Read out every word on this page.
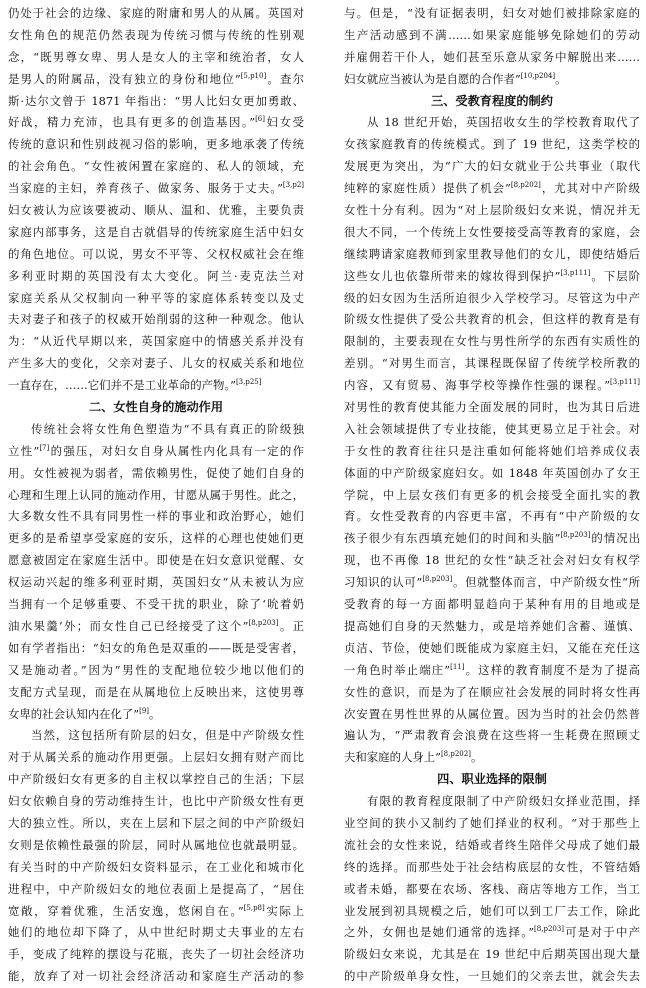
仍处于社会的边缘、家庭的附庸和男人的从属。英国对
女性角色的规范仍然表现为传统习惯与传统的性别观
念，“既男尊女卑、男人是女人的主宰和统治者，女人
是男人的附属品，没有独立的身份和地位”[5,p10]。查尔
斯·达尔文曾于 1871 年指出：“男人比妇女更加勇敢、
好战，精力充沛，也具有更多的创造基因。”[6]妇女受
传统的意识和性别歧视习俗的影响，更多地承袭了传统
的社会角色。“女性被闲置在家庭的、私人的领域，充
当家庭的主妇，养育孩子、做家务、服务于丈夫。”[3,p2]
妇女被认为应该要被动、顺从、温和、优雅，主要负责
家庭内部事务，这是自古就倡导的传统家庭生活中妇女
的角色地位。可以说，男女不平等、父权权威社会在维
多利亚时期的英国没有太大变化。阿兰·麦克法兰对
家庭关系从父权制向一种平等的家庭体系转变以及丈
夫对妻子和孩子的权威开始削弱的这种一种观念。他认
为：“从近代早期以来，英国家庭中的情感关系并没有
产生多大的变化，父亲对妻子、儿女的权威关系和地位
一直存在，……它们并不是工业革命的产物。”[3,p25]
二、女性自身的施动作用
传统社会将女性角色塑造为“不具有真正的阶级独
立性”[7]的强压，对妇女自身从属性内化具有一定的作
用。女性被视为弱者，需依赖男性，促使了她们自身的
心理和生理上认同的施动作用，甘愿从属于男性。此之，
大多数女性不具有同男性一样的事业和政治野心，她们
更多的是希望享受家庭的安乐，这样的心理也使她们更
愿意被固定在家庭生活中。即使是在妇女意识觉醒、女
权运动兴起的维多利亚时期，英国妇女“从未被认为应
当拥有一个足够重要、不受干扰的职业，除了‘吮着奶
油水果羹’外；而女性自己已经接受了这个”[8,p203]。正
如有学者指出：“妇女的角色是双重的——既是受害者，
又是施动者。”因为“男性的支配地位较少地以他们的
支配方式呈现，而是在从属地位上反映出来，这使男尊
女卑的社会认知内在化了”[9]。
当然，这包括所有阶层的妇女，但是中产阶级女性
对于从属关系的施动作用更强。上层妇女拥有财产而比
中产阶级妇女有更多的自主权以掌控自己的生活；下层
妇女依赖自身的劳动维持生计，也比中产阶级女性有更
大的独立性。所以，夹在上层和下层之间的中产阶级妇
女则是依赖性最强的阶层，同时从属地位也就最明显。
有关当时的中产阶级妇女资料显示，在工业化和城市化
进程中，中产阶级妇女的地位表面上是提高了，“居住
宽敞，穿着优雅，生活安逸，悠闲自在。”[5,p8]实际上
她们的地位却下降了，从中世纪时期丈夫事业的左右
手，变成了纯粹的摆设与花瓶，丧失了一切社会经济功
能，放弃了对一切社会经济活动和家庭生产活动的参
与。但是，“没有证据表明，妇女对她们被排除家庭的
生产活动感到不满……如果家庭能够免除她们的劳动
并雇佣若干仆人，她们甚至乐意从家务中解脱出来……
妇女就应当被认为是自愿的合作者”[10,p204]。
三、受教育程度的制约
从 18 世纪开始，英国招收女生的学校教育取代了
女孩家庭教育的传统模式。到了 19 世纪，这类学校的
发展更为突出，为“广大的妇女就业于公共事业（取代
纯粹的家庭性质）提供了机会”[8,p202]，尤其对中产阶级
女性十分有利。因为“对上层阶级妇女来说，情况并无
很大不同，一个传统上女性要接受高等教育的家庭，会
继续聘请家庭教师到家里教导他们的女儿，即使结婚后
这些女儿也依靠所带来的嫁妆得到保护”[3,p111]。下层阶
级的妇女因为生活所迫很少入学校学习。尽管这为中产
阶级女性提供了受公共教育的机会，但这样的教育是有
限制的，主要表现在女性与男性所学的东西有实质性的
差别。“对男生而言，其课程既保留了传统学校所教的
内容，又有贸易、海事学校等操作性强的课程。”[3,p111]
对男性的教育使其能力全面发展的同时，也为其日后进
入社会领域提供了专业技能，使其更易立足于社会。对
于女性的教育往往只是注重如何能将她们培养成仪表
体面的中产阶级家庭妇女。如 1848 年英国创办了女王
学院，中上层女孩们有更多的机会接受全面扎实的教
育。女性受教育的内容更丰富，不再有“中产阶级的女
孩子很少有东西填充她们的时间和头脑”[8,p203]的情况出
现，也不再像 18 世纪的女性“缺乏社会对妇女有权学
习知识的认可”[8,p203]。但就整体而言，中产阶级女性“所
受教育的每一方面都明显趋向于某种有用的目地或是
提高她们自身的天然魅力，或是培养她们含蓄、谨慎、
贞洁、节俭，使她们既能成为家庭主妇，又能在充任这
一角色时举止端庄”[11]。这样的教育制度不是为了提高
女性的意识，而是为了在顺应社会发展的同时将女性再
次安置在男性世界的从属位置。因为当时的社会仍然普
遍认为，“严肃教育会浪费在这些将一生耗费在照顾丈
夫和家庭的人身上”[8,p202]。
四、职业选择的限制
有限的教育程度限制了中产阶级妇女择业范围，择
业空间的狭小又制约了她们择业的权利。“对于那些上
流社会的女性来说，结婚或者终生陪伴父母成了她们最
终的选择。而那些处于社会结构底层的女性，不管结婚
或者未婚，都要在农场、客栈、商店等地方工作，当工
业发展到初具规模之后，她们可以到工厂去工作，除此
之外，女佣也是她们通常的选择。”[8,p203]可是对于中产
阶级妇女来说，尤其是在 19 世纪中后期英国出现大量
的中产阶级单身女性，一旦她们的父亲去世，就会失去
